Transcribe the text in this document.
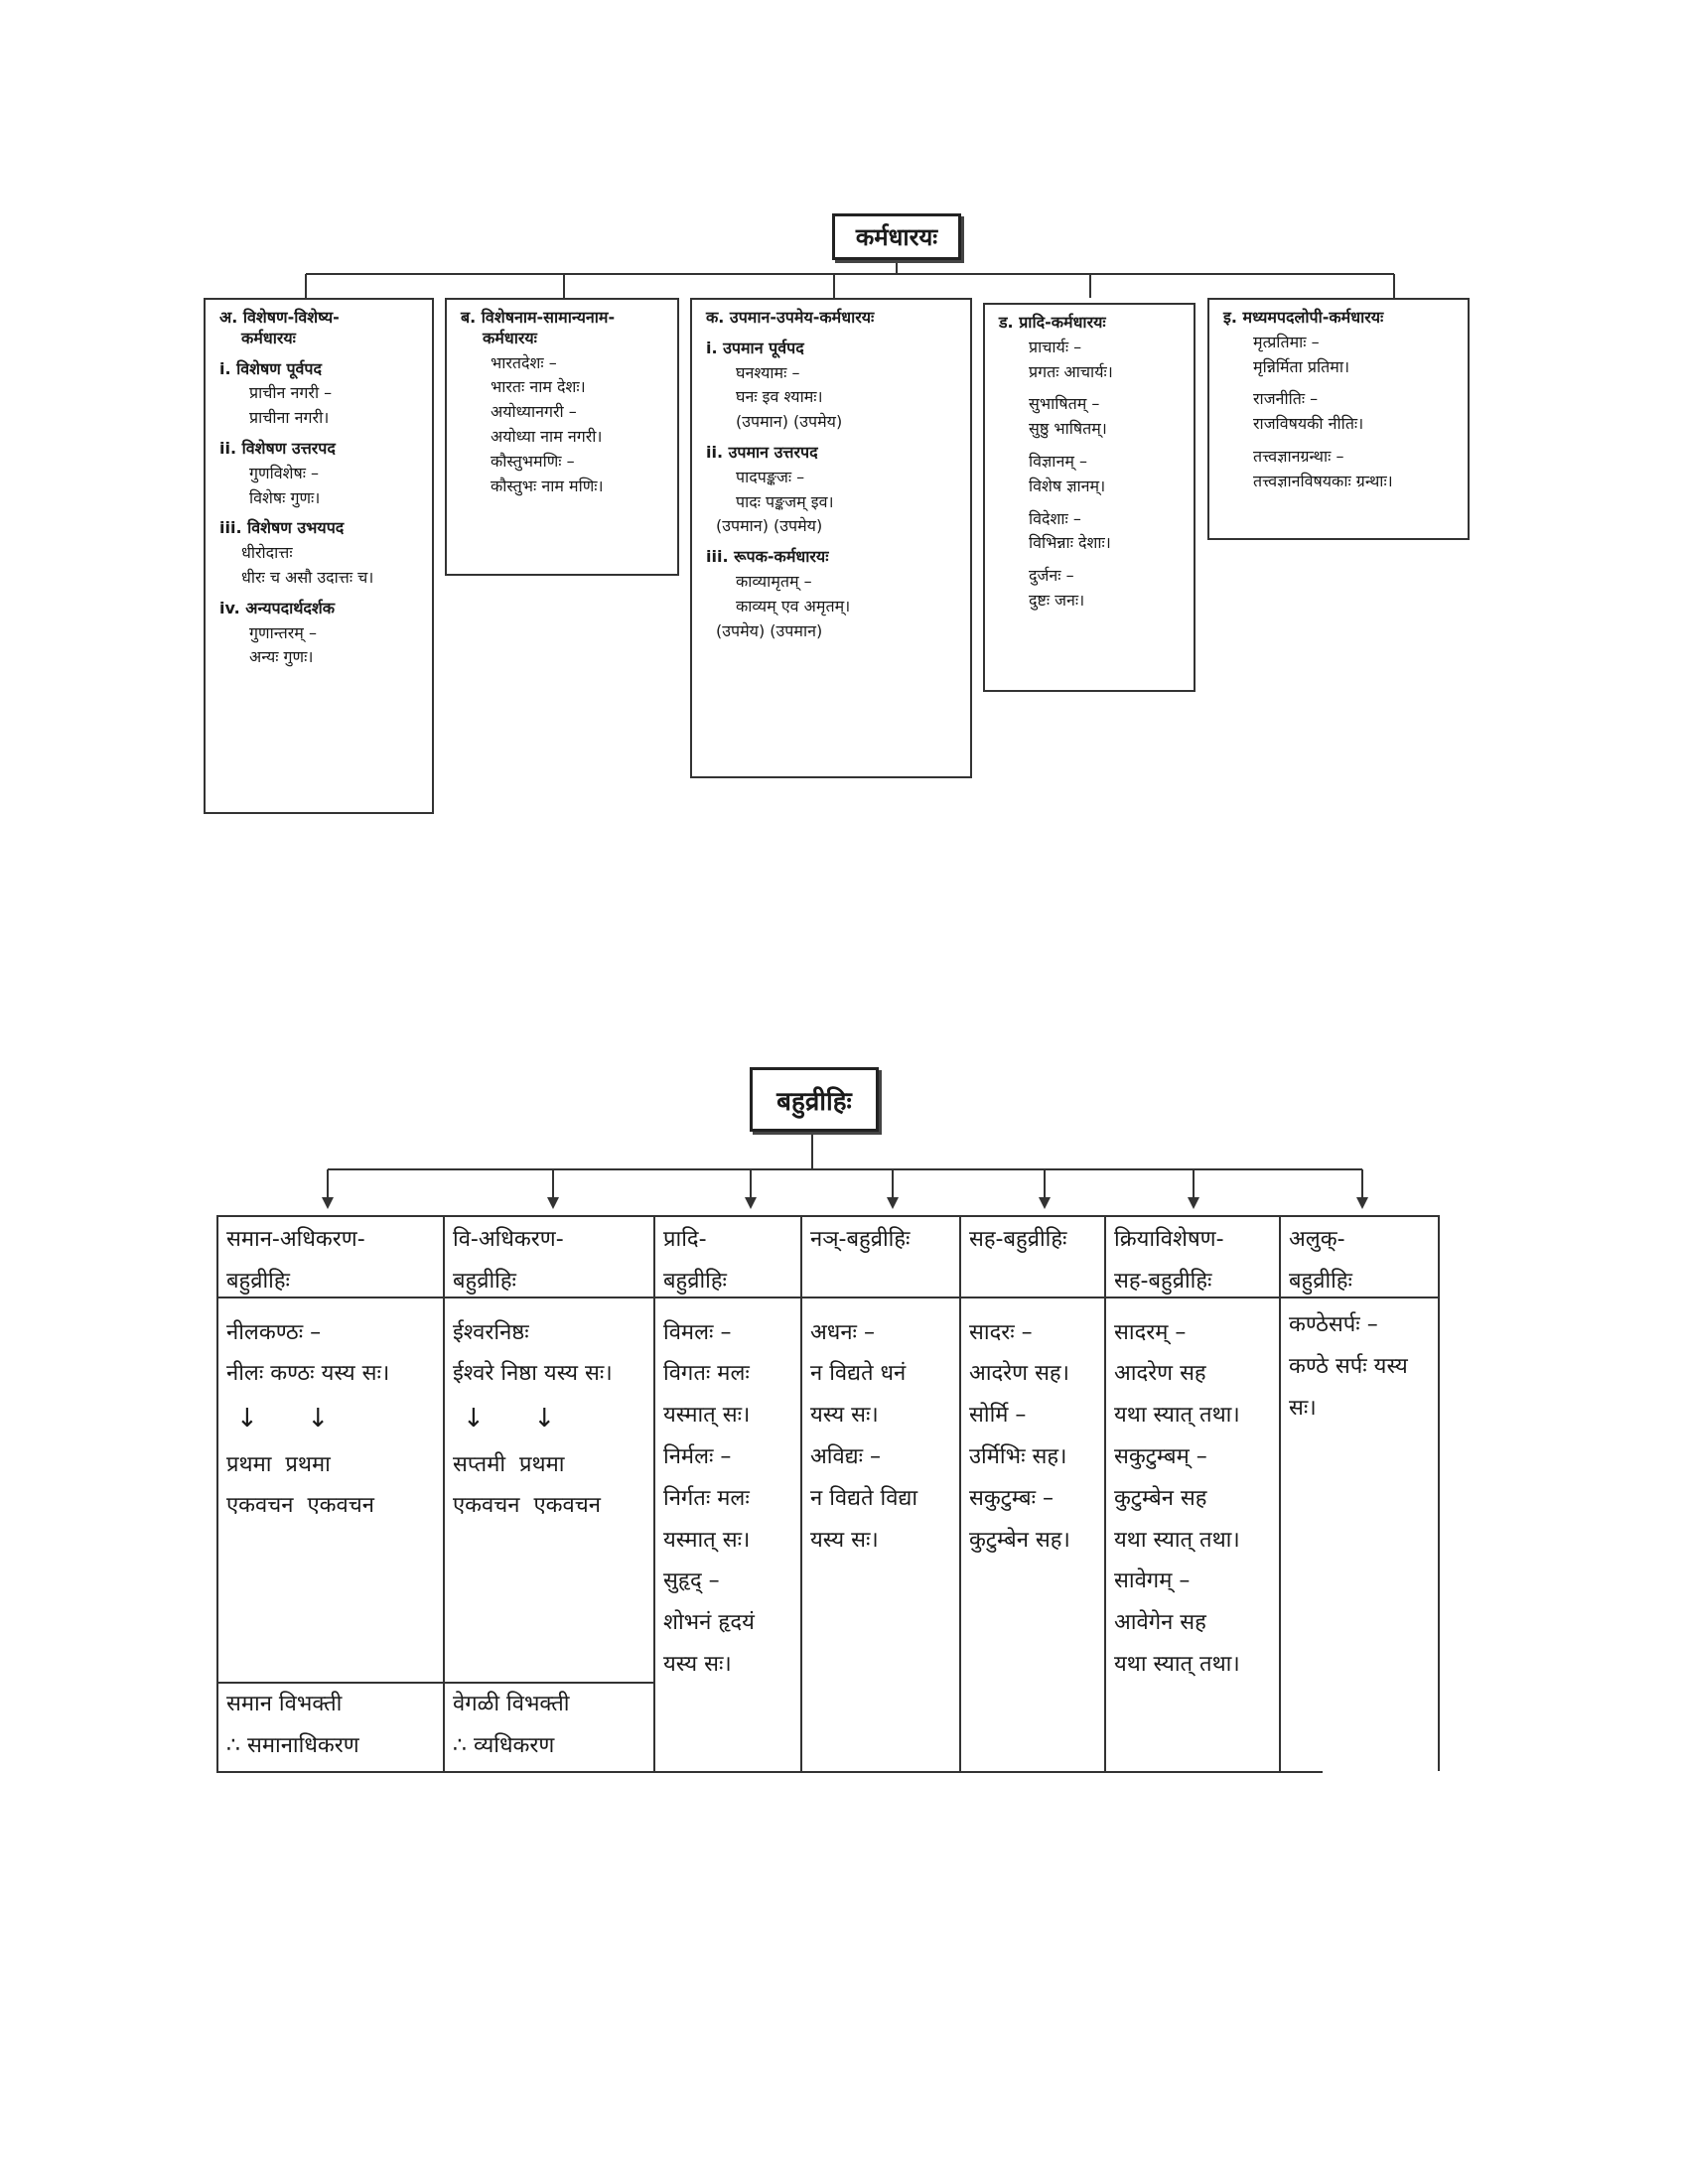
कर्मधारयः
अ. विशेषण-विशेष्य-
कर्मधारयः
i. विशेषण पूर्वपद
प्राचीन नगरी –
प्राचीना नगरी।
ii. विशेषण उत्तरपद
गुणविशेषः –
विशेषः गुणः।
iii. विशेषण उभयपद
धीरोदात्तः
धीरः च असौ उदात्तः च।
iv. अन्यपदार्थदर्शक
गुणान्तरम् –
अन्यः गुणः।
ब. विशेषनाम-सामान्यनाम-
कर्मधारयः
भारतदेशः –
भारतः नाम देशः।
अयोध्यानगरी –
अयोध्या नाम नगरी।
कौस्तुभमणिः –
कौस्तुभः नाम मणिः।
क. उपमान-उपमेय-कर्मधारयः
i. उपमान पूर्वपद
घनश्यामः –
घनः इव श्यामः।
(उपमान) (उपमेय)
ii. उपमान उत्तरपद
पादपङ्कजः –
पादः पङ्कजम् इव।
(उपमान) (उपमेय)
iii. रूपक-कर्मधारयः
काव्यामृतम् –
काव्यम् एव अमृतम्।
(उपमेय) (उपमान)
ड. प्रादि-कर्मधारयः
प्राचार्यः –
प्रगतः आचार्यः।
सुभाषितम् –
सुष्ठु भाषितम्।
विज्ञानम् –
विशेष ज्ञानम्।
विदेशाः –
विभिन्नाः देशाः।
दुर्जनः –
दुष्टः जनः।
इ. मध्यमपदलोपी-कर्मधारयः
मृत्प्रतिमाः –
मृन्निर्मिता प्रतिमा।
राजनीतिः –
राजविषयकी नीतिः।
तत्त्वज्ञानग्रन्थाः –
तत्त्वज्ञानविषयकाः ग्रन्थाः।
बहुव्रीहिः

समान-अधिकरण-

बहुव्रीहिः

नीलकण्ठः –

नीलः कण्ठः यस्य सः।

↓      ↓

प्रथमा  प्रथमा

एकवचन  एकवचन

समान विभक्ती

∴ समानाधिकरण

वि-अधिकरण-

बहुव्रीहिः

ईश्वरनिष्ठः

ईश्वरे निष्ठा यस्य सः।

↓      ↓

सप्तमी  प्रथमा

एकवचन  एकवचन

वेगळी विभक्ती

∴ व्यधिकरण

प्रादि-

बहुव्रीहिः

विमलः –

विगतः मलः

यस्मात् सः।

निर्मलः –

निर्गतः मलः

यस्मात् सः।

सुहृद् –

शोभनं हृदयं

यस्य सः।

नञ्-बहुव्रीहिः

अधनः –

न विद्यते धनं

यस्य सः।

अविद्यः –

न विद्यते विद्या

यस्य सः।

सह-बहुव्रीहिः

सादरः –

आदरेण सह।

सोर्मि –

उर्मिभिः सह।

सकुटुम्बः –

कुटुम्बेन सह।

क्रियाविशेषण-

सह-बहुव्रीहिः

सादरम् –

आदरेण सह

यथा स्यात् तथा।

सकुटुम्बम् –

कुटुम्बेन सह

यथा स्यात् तथा।

सावेगम् –

आवेगेन सह

यथा स्यात् तथा।

अलुक्-

बहुव्रीहिः

कण्ठेसर्पः –

कण्ठे सर्पः यस्य

सः।
